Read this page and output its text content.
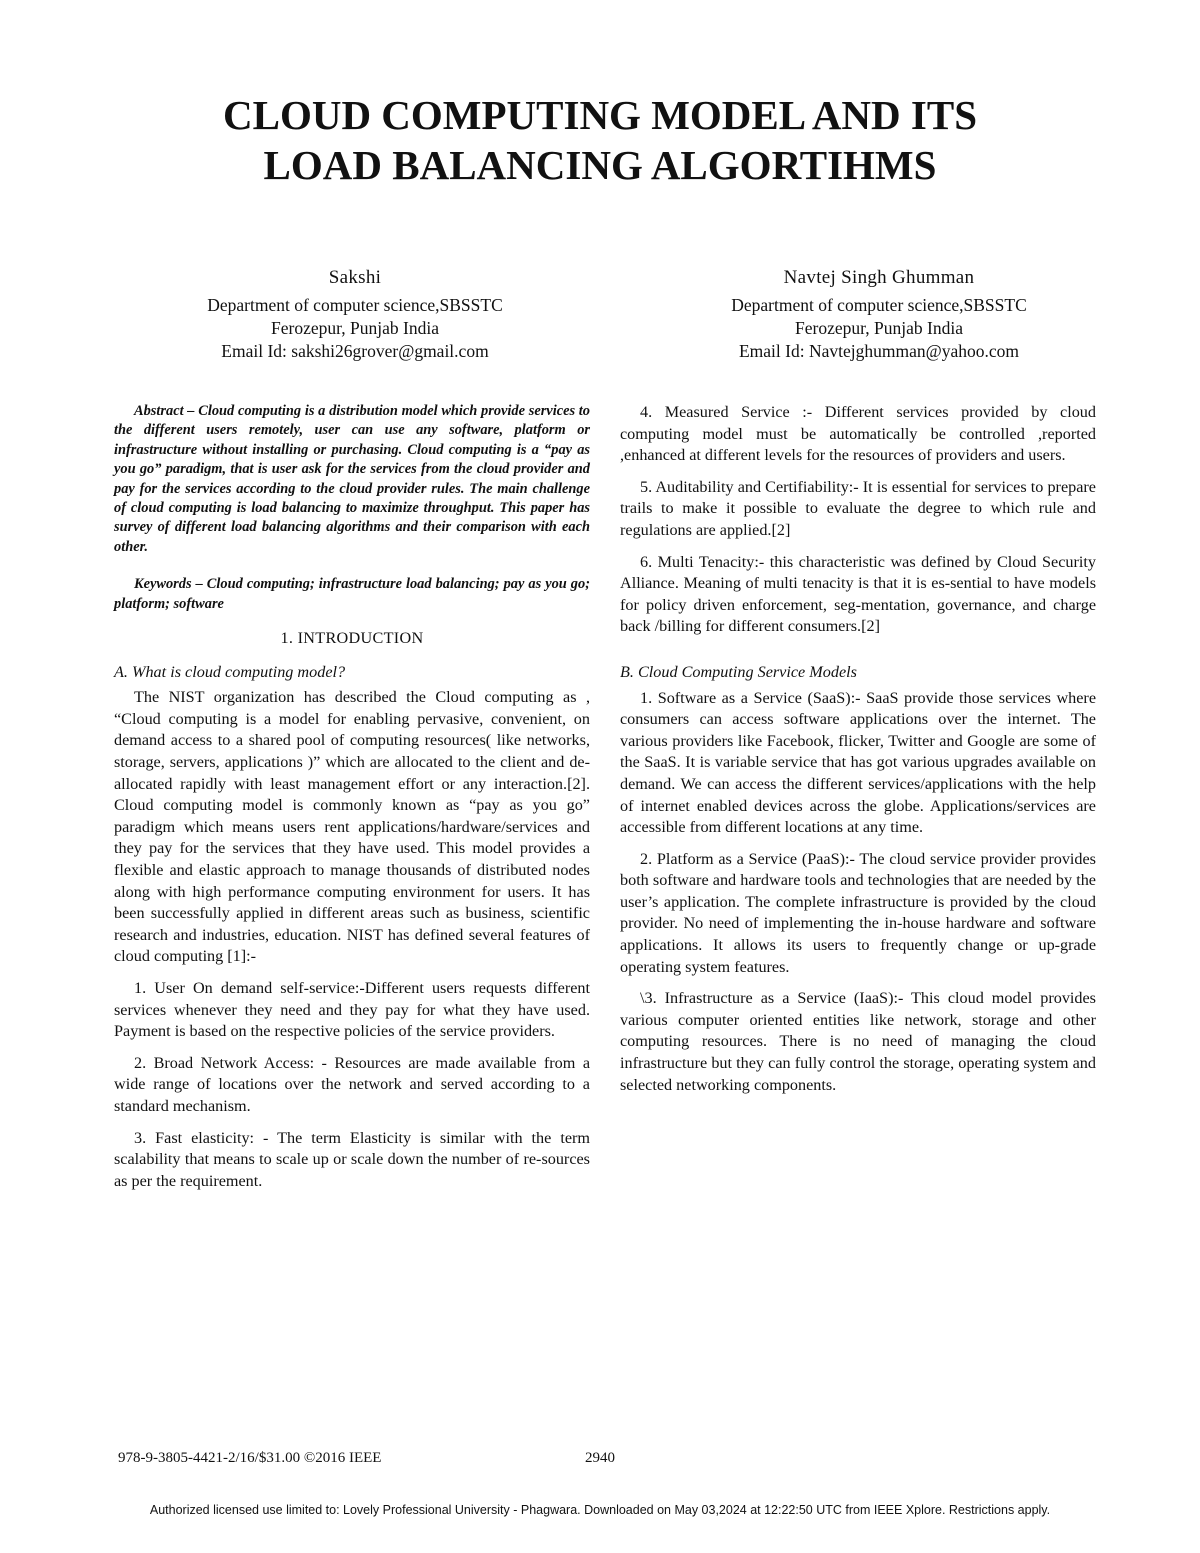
CLOUD COMPUTING MODEL AND ITS
LOAD BALANCING ALGORTIHMS
Sakshi
Department of computer science,SBSSTC
Ferozepur, Punjab India
Email Id: sakshi26grover@gmail.com
Navtej Singh Ghumman
Department of computer science,SBSSTC
Ferozepur, Punjab India
Email Id: Navtejghumman@yahoo.com

Abstract – Cloud computing is a distribution model which provide services to the different users remotely, user can use any software, platform or infrastructure without installing or purchasing. Cloud computing is a “pay as you go” paradigm, that is user ask for the services from the cloud provider and pay for the services according to the cloud provider rules. The main challenge of cloud computing is load balancing to maximize throughput. This paper has survey of different load balancing algorithms and their comparison with each other.

Keywords – Cloud computing; infrastructure load balancing; pay as you go; platform; software

1. INTRODUCTION
A. What is cloud computing model?

The NIST organization has described the Cloud computing as , “Cloud computing is a model for enabling pervasive, convenient, on demand access to a shared pool of computing resources( like networks, storage, servers, applications )” which are allocated to the client and de-allocated rapidly with least management effort or any interaction.[2]. Cloud computing model is commonly known as “pay as you go” paradigm which means users rent applications/hardware/services and they pay for the services that they have used. This model provides a flexible and elastic approach to manage thousands of distributed nodes along with high performance computing environment for users. It has been successfully applied in different areas such as business, scientific research and industries, education. NIST has defined several features of cloud computing [1]:-

1. User On demand self-service:-Different users requests different services whenever they need and they pay for what they have used. Payment is based on the respective policies of the service providers.

2. Broad Network Access: - Resources are made available from a wide range of locations over the network and served according to a standard mechanism.

3. Fast elasticity: - The term Elasticity is similar with the term scalability that means to scale up or scale down the number of re-sources as per the requirement.

4. Measured Service :- Different services provided by cloud computing model must be automatically be controlled ,reported ,enhanced at different levels for the resources of providers and users.

5. Auditability and Certifiability:- It is essential for services to prepare trails to make it possible to evaluate the degree to which rule and regulations are applied.[2]

6. Multi Tenacity:- this characteristic was defined by Cloud Security Alliance. Meaning of multi tenacity is that it is es-sential to have models for policy driven enforcement, seg-mentation, governance, and charge back /billing for different consumers.[2]

B. Cloud Computing Service Models

1. Software as a Service (SaaS):- SaaS provide those services where consumers can access software applications over the internet. The various providers like Facebook, flicker, Twitter and Google are some of the SaaS. It is variable service that has got various upgrades available on demand. We can access the different services/applications with the help of internet enabled devices across the globe. Applications/services are accessible from different locations at any time.

2. Platform as a Service (PaaS):- The cloud service provider provides both software and hardware tools and technologies that are needed by the user’s application. The complete infrastructure is provided by the cloud provider. No need of implementing the in-house hardware and software applications. It allows its users to frequently change or up-grade operating system features.

\3. Infrastructure as a Service (IaaS):- This cloud model provides various computer oriented entities like network, storage and other computing resources. There is no need of managing the cloud infrastructure but they can fully control the storage, operating system and selected networking components.

978-9-3805-4421-2/16/$31.00 ©2016 IEEE	2940
Authorized licensed use limited to: Lovely Professional University - Phagwara. Downloaded on May 03,2024 at 12:22:50 UTC from IEEE Xplore. Restrictions apply.
